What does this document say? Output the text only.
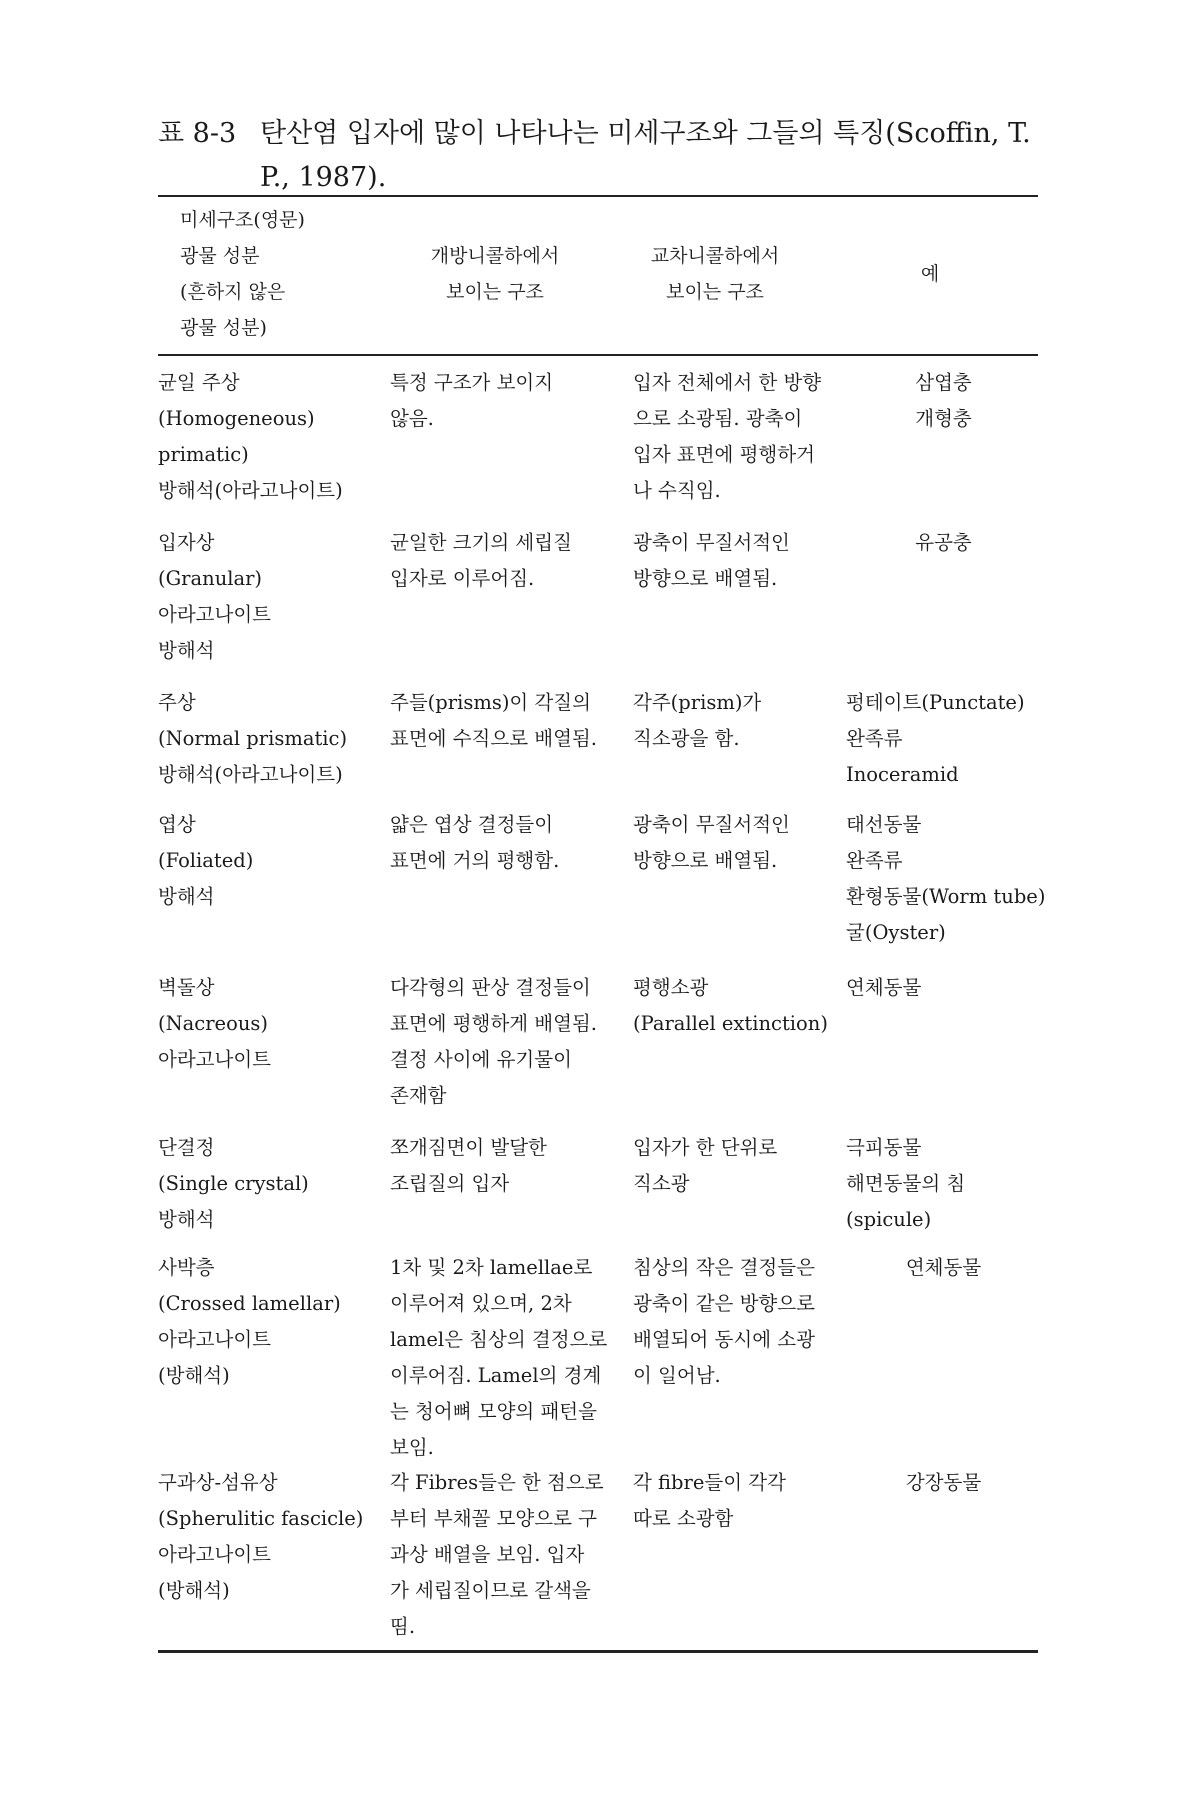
표 8-3 탄산염 입자에 많이 나타나는 미세구조와 그들의 특징(Scoffin, T.
P., 1987).
미세구조(영문)
광물 성분
(흔하지 않은
광물 성분)
개방니콜하에서
보이는 구조
교차니콜하에서
보이는 구조
예
균일 주상
(Homogeneous)
primatic)
방해석(아라고나이트)
특정 구조가 보이지
않음.
입자 전체에서 한 방향
으로 소광됨. 광축이
입자 표면에 평행하거
나 수직임.
삼엽충
개형충
입자상
(Granular)
아라고나이트
방해석
균일한 크기의 세립질
입자로 이루어짐.
광축이 무질서적인
방향으로 배열됨.
유공충
주상
(Normal prismatic)
방해석(아라고나이트)
주들(prisms)이 각질의
표면에 수직으로 배열됨.
각주(prism)가
직소광을 함.
펑테이트(Punctate)
완족류
Inoceramid
엽상
(Foliated)
방해석
얇은 엽상 결정들이
표면에 거의 평행함.
광축이 무질서적인
방향으로 배열됨.
태선동물
완족류
환형동물(Worm tube)
굴(Oyster)
벽돌상
(Nacreous)
아라고나이트
다각형의 판상 결정들이
표면에 평행하게 배열됨.
결정 사이에 유기물이
존재함
평행소광
(Parallel extinction)
연체동물
단결정
(Single crystal)
방해석
쪼개짐면이 발달한
조립질의 입자
입자가 한 단위로
직소광
극피동물
해면동물의 침
(spicule)
사박층
(Crossed lamellar)
아라고나이트
(방해석)
1차 및 2차 lamellae로
이루어져 있으며, 2차
lamel은 침상의 결정으로
이루어짐. Lamel의 경계
는 청어뼈 모양의 패턴을
보임.
침상의 작은 결정들은
광축이 같은 방향으로
배열되어 동시에 소광
이 일어남.
연체동물
구과상-섬유상
(Spherulitic fascicle)
아라고나이트
(방해석)
각 Fibres들은 한 점으로
부터 부채꼴 모양으로 구
과상 배열을 보임. 입자
가 세립질이므로 갈색을
띰.
각 fibre들이 각각
따로 소광함
강장동물
